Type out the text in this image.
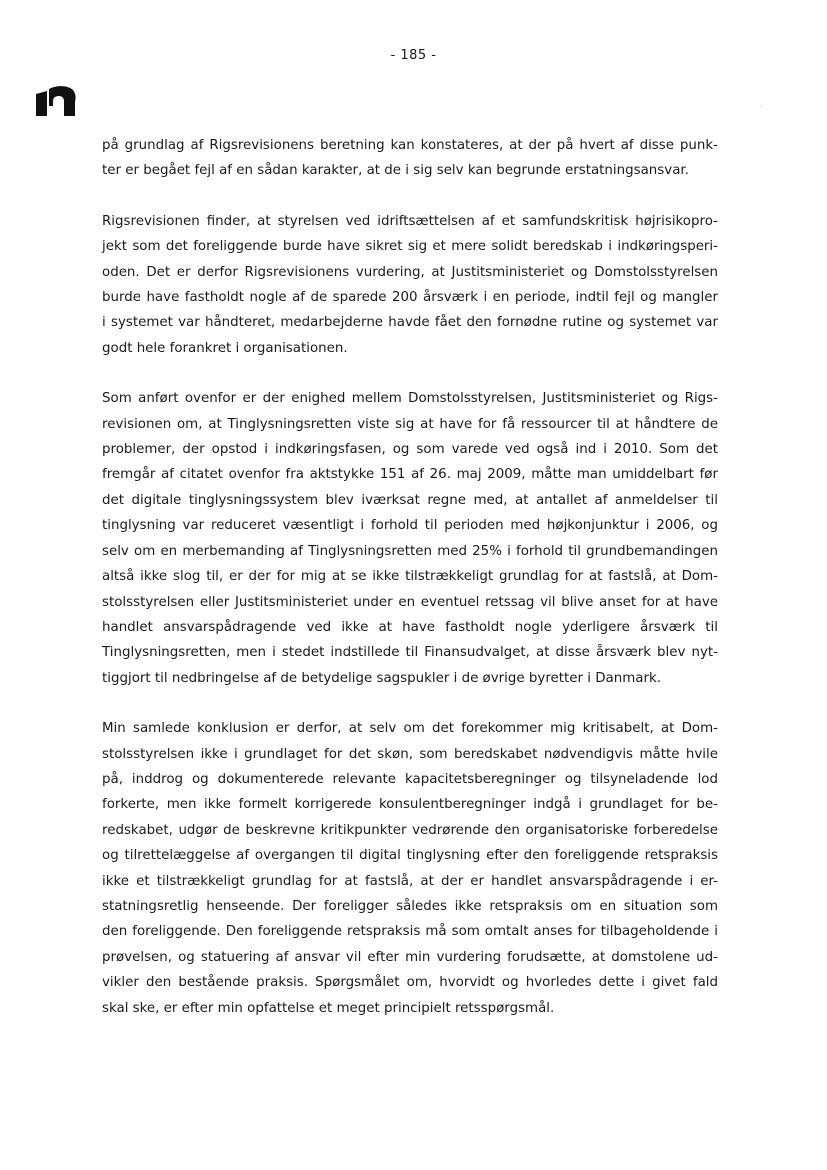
- 185 -

på grundlag af Rigsrevisionens beretning kan konstateres, at der på hvert af disse punk-
ter er begået fejl af en sådan karakter, at de i sig selv kan begrunde erstatningsansvar.

Rigsrevisionen finder, at styrelsen ved idriftsættelsen af et samfundskritisk højrisikopro-
jekt som det foreliggende burde have sikret sig et mere solidt beredskab i indkøringsperi-
oden. Det er derfor Rigsrevisionens vurdering, at Justitsministeriet og Domstolsstyrelsen
burde have fastholdt nogle af de sparede 200 årsværk i en periode, indtil fejl og mangler
i systemet var håndteret, medarbejderne havde fået den fornødne rutine og systemet var
godt hele forankret i organisationen.

Som anført ovenfor er der enighed mellem Domstolsstyrelsen, Justitsministeriet og Rigs-
revisionen om, at Tinglysningsretten viste sig at have for få ressourcer til at håndtere de
problemer, der opstod i indkøringsfasen, og som varede ved også ind i 2010. Som det
fremgår af citatet ovenfor fra aktstykke 151 af 26. maj 2009, måtte man umiddelbart før
det digitale tinglysningssystem blev iværksat regne med, at antallet af anmeldelser til
tinglysning var reduceret væsentligt i forhold til perioden med højkonjunktur i 2006, og
selv om en merbemanding af Tinglysningsretten med 25% i forhold til grundbemandingen
altså ikke slog til, er der for mig at se ikke tilstrækkeligt grundlag for at fastslå, at Dom-
stolsstyrelsen eller Justitsministeriet under en eventuel retssag vil blive anset for at have
handlet ansvarspådragende ved ikke at have fastholdt nogle yderligere årsværk til
Tinglysningsretten, men i stedet indstillede til Finansudvalget, at disse årsværk blev nyt-
tiggjort til nedbringelse af de betydelige sagspukler i de øvrige byretter i Danmark.

Min samlede konklusion er derfor, at selv om det forekommer mig kritisabelt, at Dom-
stolsstyrelsen ikke i grundlaget for det skøn, som beredskabet nødvendigvis måtte hvile
på, inddrog og dokumenterede relevante kapacitetsberegninger og tilsyneladende lod
forkerte, men ikke formelt korrigerede konsulentberegninger indgå i grundlaget for be-
redskabet, udgør de beskrevne kritikpunkter vedrørende den organisatoriske forberedelse
og tilrettelæggelse af overgangen til digital tinglysning efter den foreliggende retspraksis
ikke et tilstrækkeligt grundlag for at fastslå, at der er handlet ansvarspådragende i er-
statningsretlig henseende. Der foreligger således ikke retspraksis om en situation som
den foreliggende. Den foreliggende retspraksis må som omtalt anses for tilbageholdende i
prøvelsen, og statuering af ansvar vil efter min vurdering forudsætte, at domstolene ud-
vikler den bestående praksis. Spørgsmålet om, hvorvidt og hvorledes dette i givet fald
skal ske, er efter min opfattelse et meget principielt retsspørgsmål.
